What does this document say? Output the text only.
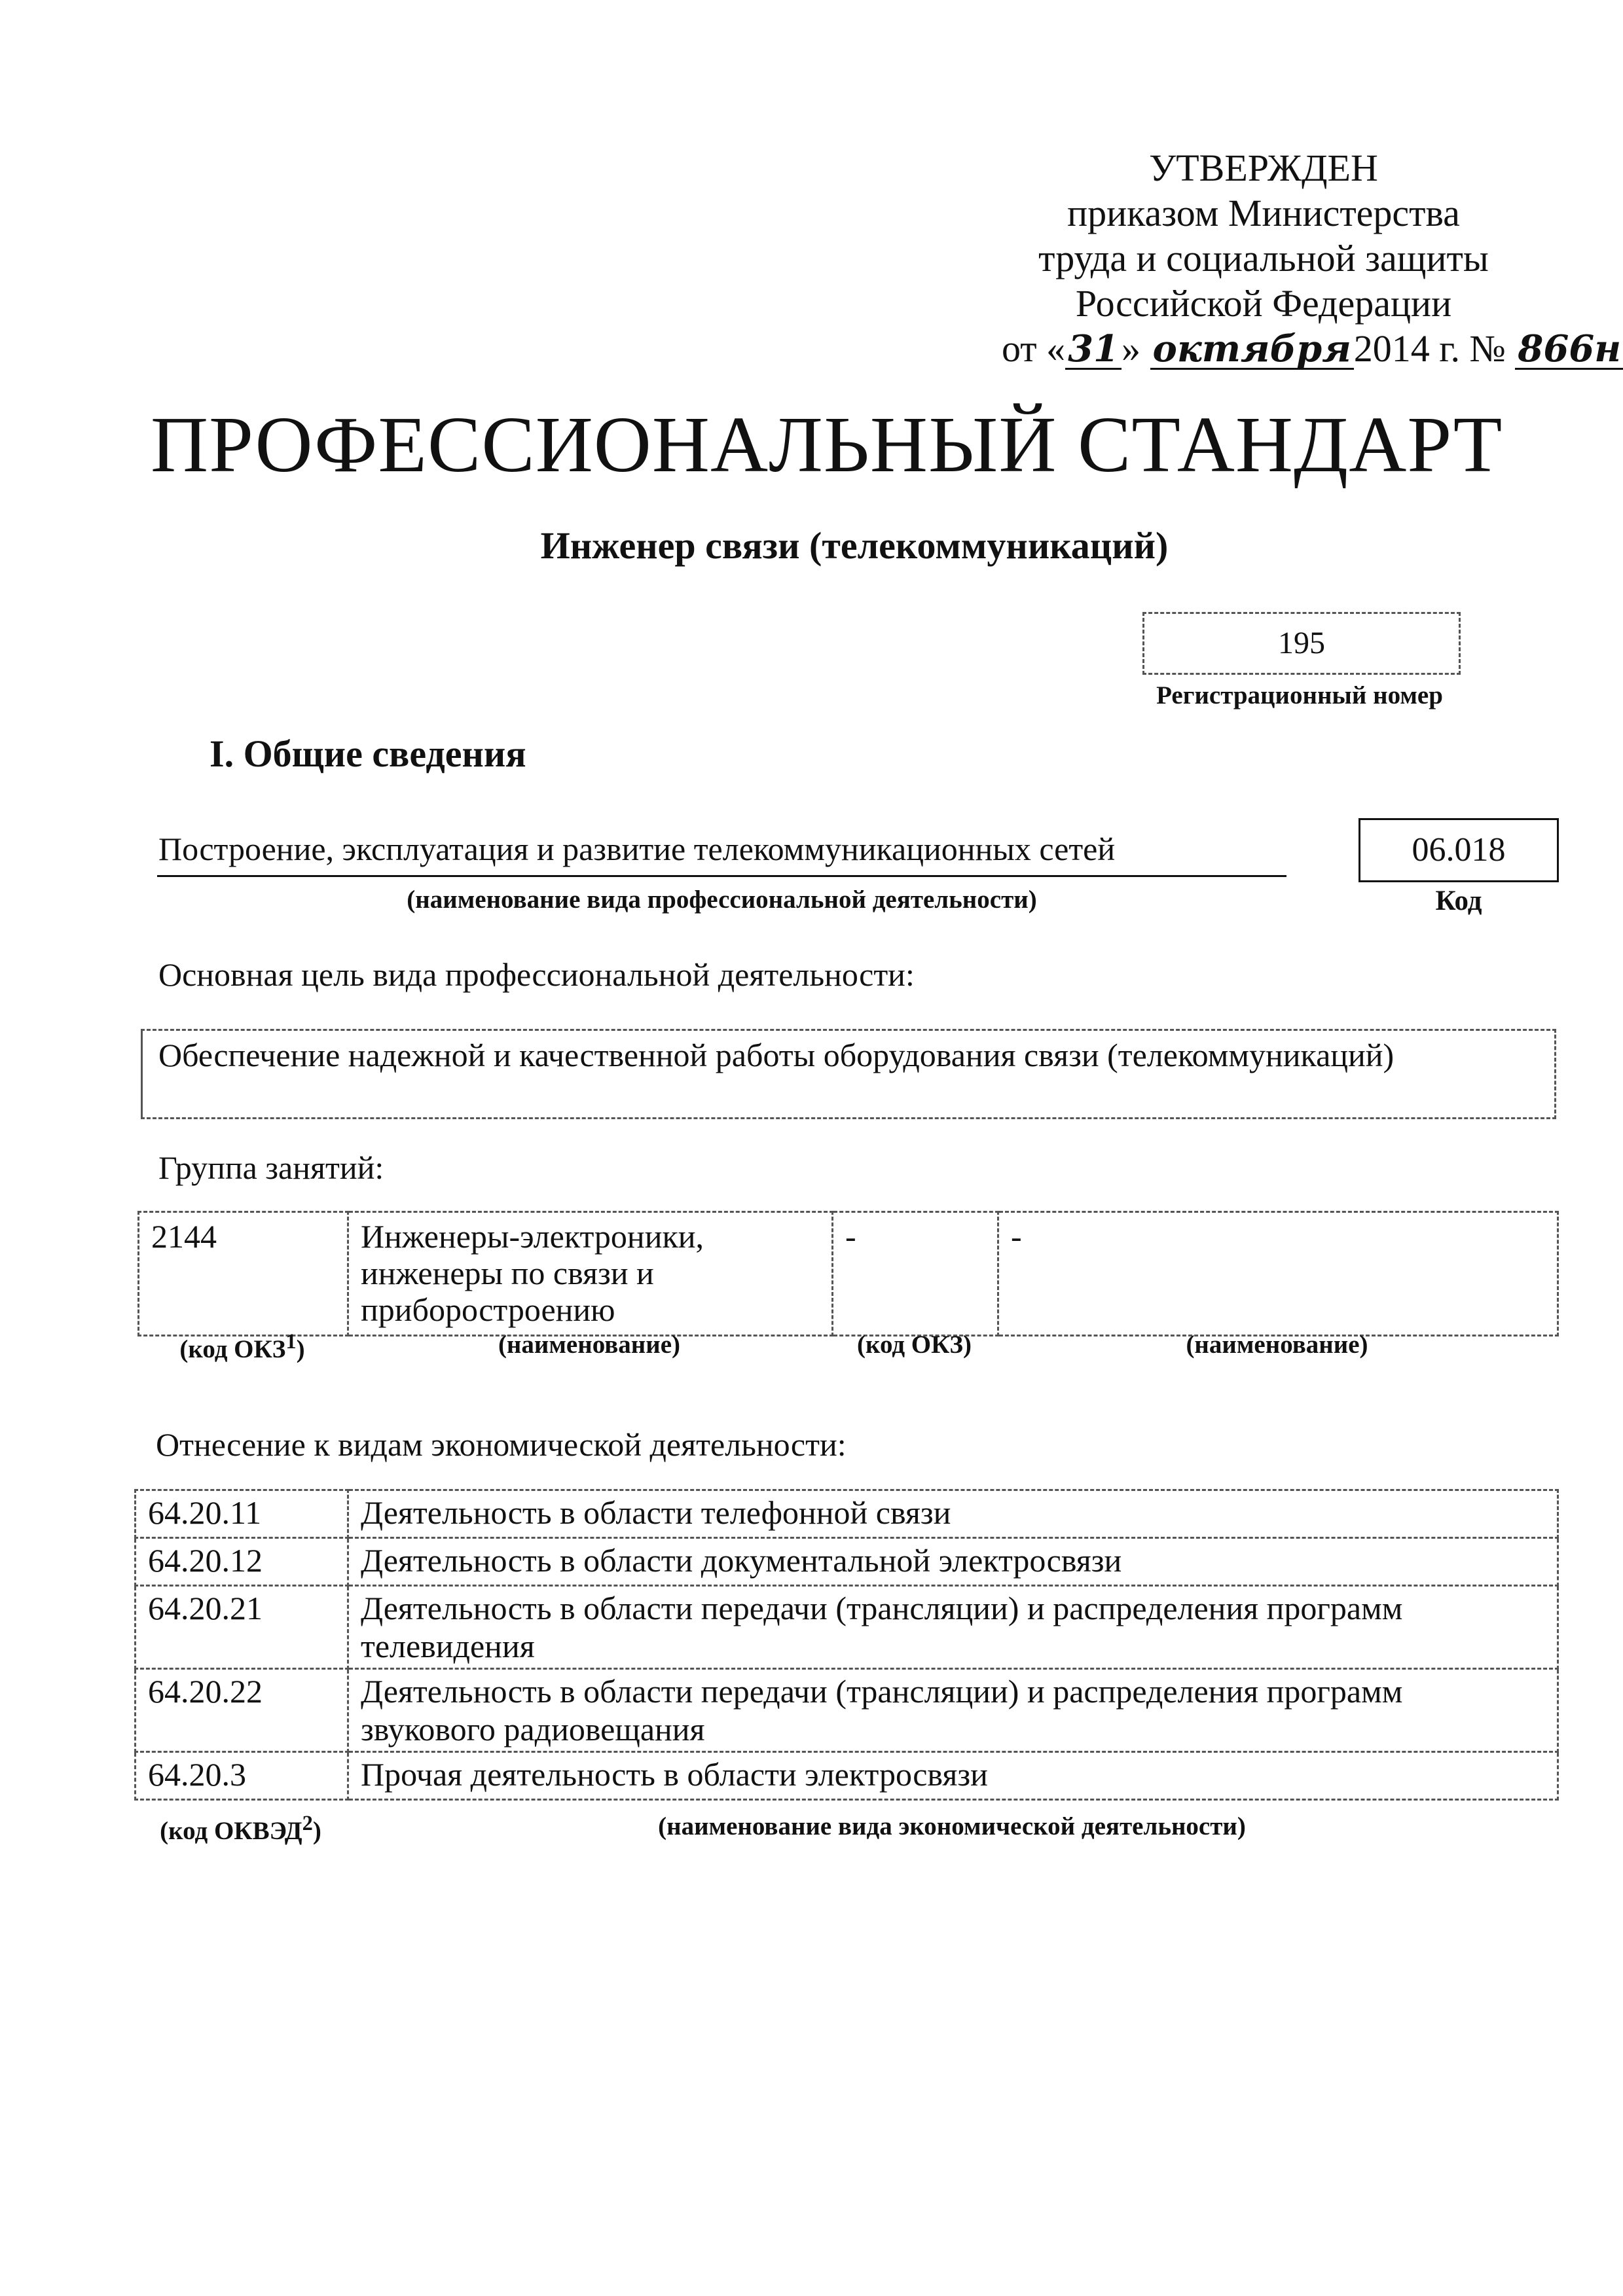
УТВЕРЖДЕН
приказом Министерства
труда и социальной защиты
Российской Федерации
от «31» октября2014 г. № 866н
ПРОФЕССИОНАЛЬНЫЙ СТАНДАРТ
Инженер связи (телекоммуникаций)
195
Регистрационный номер
I. Общие сведения
Построение, эксплуатация и развитие телекоммуникационных сетей
(наименование вида профессиональной деятельности)
06.018
Код
Основная цель вида профессиональной деятельности:
Обеспечение надежной и качественной работы оборудования связи (телекоммуникаций)
Группа занятий:
2144	Инженеры-электроники, инженеры по связи и приборостроению	-	-
(код ОКЗ$^1$)	(наименование)	(код ОКЗ)	(наименование)
Отнесение к видам экономической деятельности:
64.20.11	Деятельность в области телефонной связи
64.20.12	Деятельность в области документальной электросвязи
64.20.21	Деятельность в области передачи (трансляции) и распределения программ телевидения
64.20.22	Деятельность в области передачи (трансляции) и распределения программ звукового радиовещания
64.20.3	Прочая деятельность в области электросвязи
(код ОКВЭД$^2$)	(наименование вида экономической деятельности)
